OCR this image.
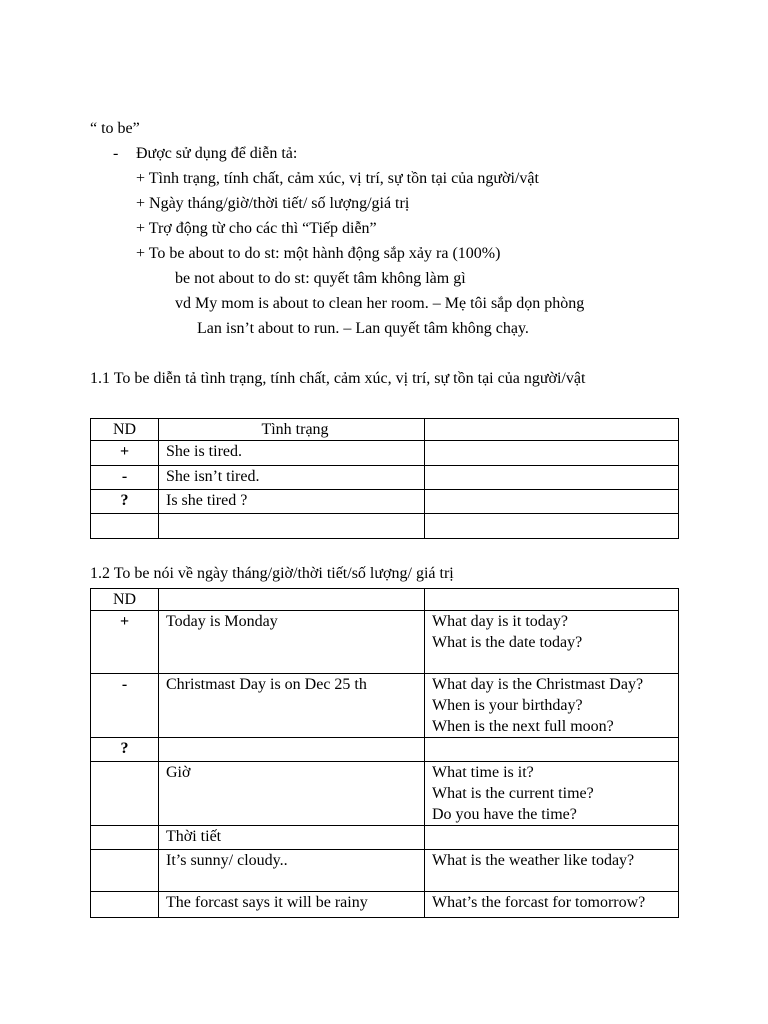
“ to be”
- Được sử dụng để diễn tả:
+ Tình trạng, tính chất, cảm xúc, vị trí, sự tồn tại của người/vật
+ Ngày tháng/giờ/thời tiết/ số lượng/giá trị
+ Trợ động từ cho các thì “Tiếp diễn”
+ To be about to do st: một hành động sắp xảy ra (100%)
be not about to do st: quyết tâm không làm gì
vd My mom is about to clean her room. – Mẹ tôi sắp dọn phòng
Lan isn’t about to run. – Lan quyết tâm không chạy.
1.1 To be diễn tả tình trạng, tính chất, cảm xúc, vị trí, sự tồn tại của người/vật
ND	Tình trạng	
+	She is tired.	
-	She isn’t tired.	
?	Is she tired ?	

1.2 To be nói về ngày tháng/giờ/thời tiết/số lượng/ giá trị
ND		
+	Today is Monday	What day is it today?
What is the date today?

-	Christmast Day is on Dec 25 th	What day is the Christmast Day?
When is your birthday?
When is the next full moon?

?		
	Giờ	What time is it?
What is the current time?
Do you have the time?

	Thời tiết	
	It’s sunny/ cloudy..	What is the weather like today?

	The forcast says it will be rainy	What’s the forcast for tomorrow?
